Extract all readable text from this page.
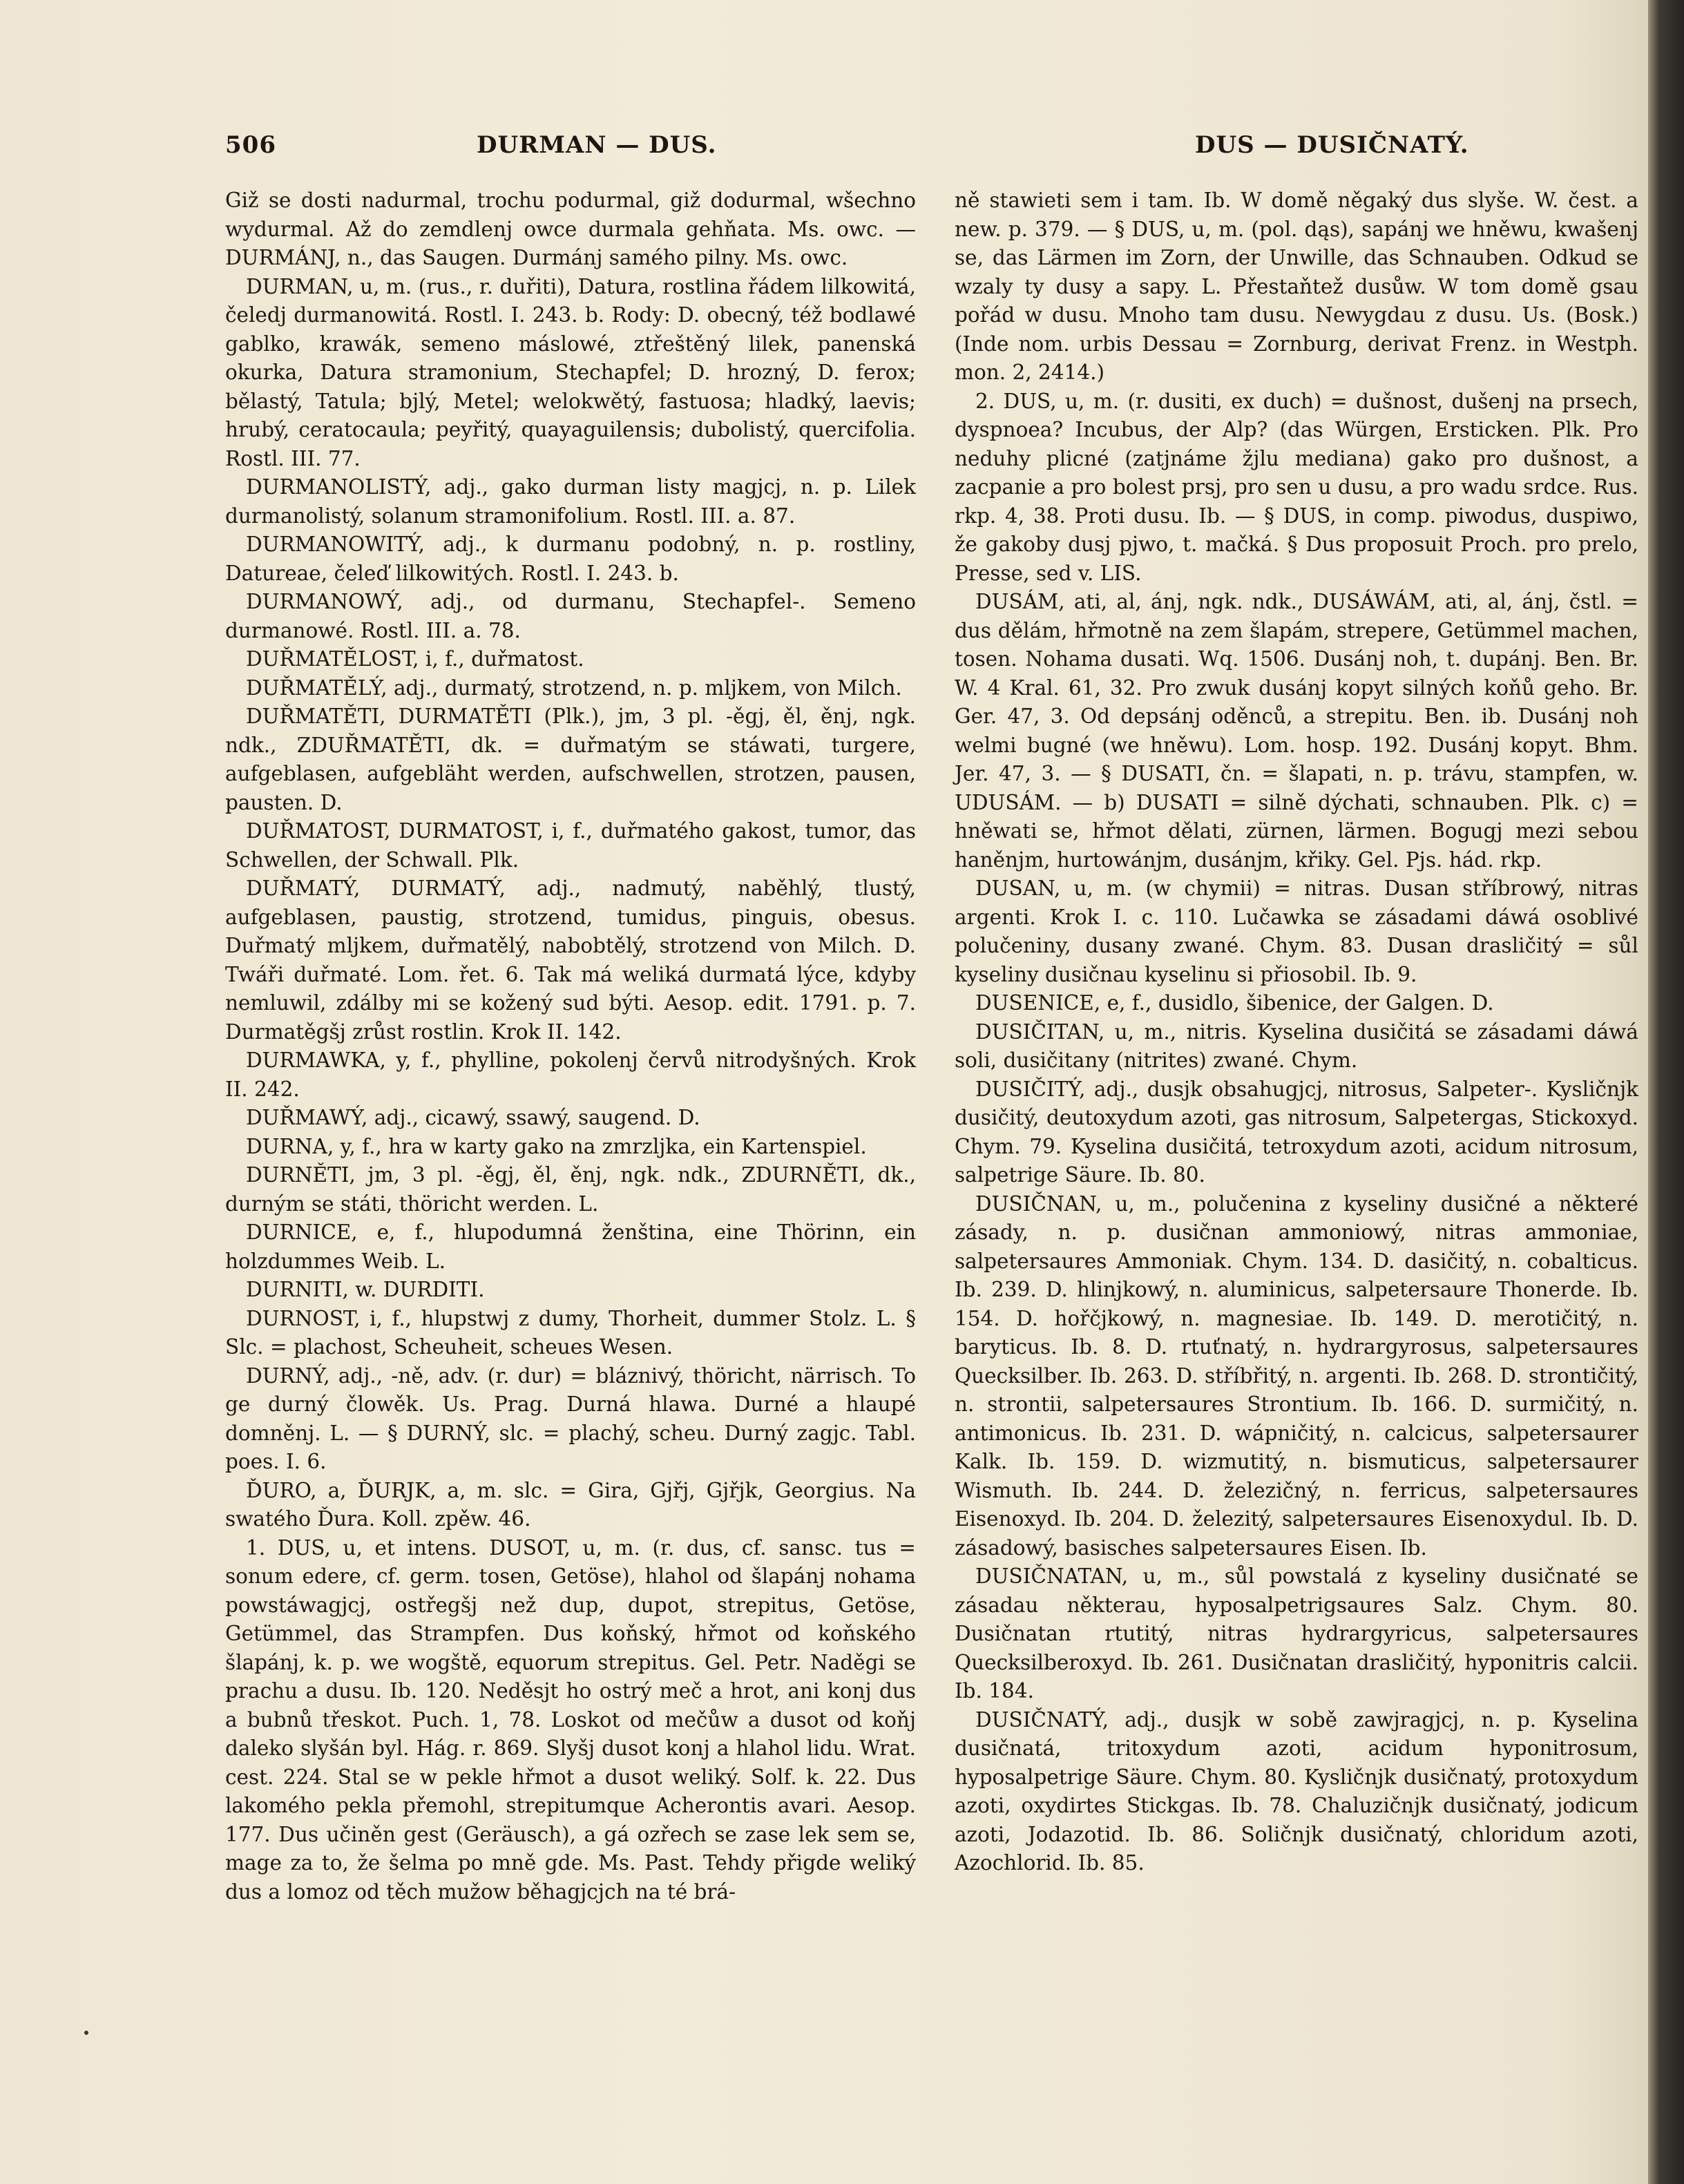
506	DURMAN — DUS.	DUS — DUSIČNATÝ.

Giž se dosti nadurmal, trochu podurmal, giž dodurmal, wšechno wydurmal. Až do zemdlenj owce durmala gehňata. Ms. owc. — DURMÁNJ, n., das Saugen. Durmánj samého pilny. Ms. owc.

DURMAN, u, m. (rus., r. duřiti), Datura, rostlina řádem lilkowitá, čeledj durmanowitá. Rostl. I. 243. b. Rody: D. obecný, též bodlawé gablko, krawák, semeno máslowé, ztřeštěný lilek, panenská okurka, Datura stramonium, Stechapfel; D. hrozný, D. ferox; bělastý, Tatula; bjlý, Metel; welokwětý, fastuosa; hladký, laevis; hrubý, ceratocaula; peyřitý, quayaguilensis; dubolistý, quercifolia. Rostl. III. 77.

DURMANOLISTÝ, adj., gako durman listy magjcj, n. p. Lilek durmanolistý, solanum stramonifolium. Rostl. III. a. 87.

DURMANOWITÝ, adj., k durmanu podobný, n. p. rostliny, Datureae, čeleď lilkowitých. Rostl. I. 243. b.

DURMANOWÝ, adj., od durmanu, Stechapfel-. Semeno durmanowé. Rostl. III. a. 78.

DUŘMATĚLOST, i, f., duřmatost.

DUŘMATĚLÝ, adj., durmatý, strotzend, n. p. mljkem, von Milch.

DUŘMATĚTI, DURMATĚTI (Plk.), jm, 3 pl. -ěgj, ěl, ěnj, ngk. ndk., ZDUŘMATĚTI, dk. = duřmatým se stáwati, turgere, aufgeblasen, aufgebläht werden, aufschwellen, strotzen, pausen, pausten. D.

DUŘMATOST, DURMATOST, i, f., duřmatého gakost, tumor, das Schwellen, der Schwall. Plk.

DUŘMATÝ, DURMATÝ, adj., nadmutý, naběhlý, tlustý, aufgeblasen, paustig, strotzend, tumidus, pinguis, obesus. Duřmatý mljkem, duřmatělý, nabobtělý, strotzend von Milch. D. Twáři duřmaté. Lom. řet. 6. Tak má weliká durmatá lýce, kdyby nemluwil, zdálby mi se kožený sud býti. Aesop. edit. 1791. p. 7. Durmatěgšj zrůst rostlin. Krok II. 142.

DURMAWKA, y, f., phylline, pokolenj červů nitrodyšných. Krok II. 242.

DUŘMAWÝ, adj., cicawý, ssawý, saugend. D.

DURNA, y, f., hra w karty gako na zmrzljka, ein Kartenspiel.

DURNĚTI, jm, 3 pl. -ěgj, ěl, ěnj, ngk. ndk., ZDURNĚTI, dk., durným se státi, thöricht werden. L.

DURNICE, e, f., hlupodumná ženština, eine Thörinn, ein holzdummes Weib. L.

DURNITI, w. DURDITI.

DURNOST, i, f., hlupstwj z dumy, Thorheit, dummer Stolz. L. § Slc. = plachost, Scheuheit, scheues Wesen.

DURNÝ, adj., -ně, adv. (r. dur) = bláznivý, thöricht, närrisch. To ge durný člowěk. Us. Prag. Durná hlawa. Durné a hlaupé domněnj. L. — § DURNÝ, slc. = plachý, scheu. Durný zagjc. Tabl. poes. I. 6.

ĎURO, a, ĎURJK, a, m. slc. = Gira, Gjřj, Gjřjk, Georgius. Na swatého Ďura. Koll. zpěw. 46.

1. DUS, u, et intens. DUSOT, u, m. (r. dus, cf. sansc. tus = sonum edere, cf. germ. tosen, Getöse), hlahol od šlapánj nohama powstáwagjcj, ostřegšj než dup, dupot, strepitus, Getöse, Getümmel, das Strampfen. Dus koňský, hřmot od koňského šlapánj, k. p. we wogště, equorum strepitus. Gel. Petr. Naděgi se prachu a dusu. Ib. 120. Neděsjt ho ostrý meč a hrot, ani konj dus a bubnů třeskot. Puch. 1, 78. Loskot od mečůw a dusot od koňj daleko slyšán byl. Hág. r. 869. Slyšj dusot konj a hlahol lidu. Wrat. cest. 224. Stal se w pekle hřmot a dusot weliký. Solf. k. 22. Dus lakomého pekla přemohl, strepitumque Acherontis avari. Aesop. 177. Dus učiněn gest (Geräusch), a gá ozřech se zase lek sem se, mage za to, že šelma po mně gde. Ms. Past. Tehdy přigde weliký dus a lomoz od těch mužow běhagjcjch na té brá-

ně stawieti sem i tam. Ib. W domě něgaký dus slyše. W. čest. a new. p. 379. — § DUS, u, m. (pol. dąs), sapánj we hněwu, kwašenj se, das Lärmen im Zorn, der Unwille, das Schnauben. Odkud se wzaly ty dusy a sapy. L. Přestaňtež dusůw. W tom domě gsau pořád w dusu. Mnoho tam dusu. Newygdau z dusu. Us. (Bosk.) (Inde nom. urbis Dessau = Zornburg, derivat Frenz. in Westph. mon. 2, 2414.)

2. DUS, u, m. (r. dusiti, ex duch) = dušnost, dušenj na prsech, dyspnoea? Incubus, der Alp? (das Würgen, Ersticken. Plk. Pro neduhy plicné (zatjnáme žjlu mediana) gako pro dušnost, a zacpanie a pro bolest prsj, pro sen u dusu, a pro wadu srdce. Rus. rkp. 4, 38. Proti dusu. Ib. — § DUS, in comp. piwodus, duspiwo, že gakoby dusj pjwo, t. mačká. § Dus proposuit Proch. pro prelo, Presse, sed v. LIS.

DUSÁM, ati, al, ánj, ngk. ndk., DUSÁWÁM, ati, al, ánj, čstl. = dus dělám, hřmotně na zem šlapám, strepere, Getümmel machen, tosen. Nohama dusati. Wq. 1506. Dusánj noh, t. dupánj. Ben. Br. W. 4 Kral. 61, 32. Pro zwuk dusánj kopyt silných koňů geho. Br. Ger. 47, 3. Od depsánj oděnců, a strepitu. Ben. ib. Dusánj noh welmi bugné (we hněwu). Lom. hosp. 192. Dusánj kopyt. Bhm. Jer. 47, 3. — § DUSATI, čn. = šlapati, n. p. trávu, stampfen, w. UDUSÁM. — b) DUSATI = silně dýchati, schnauben. Plk. c) = hněwati se, hřmot dělati, zürnen, lärmen. Bogugj mezi sebou haněnjm, hurtowánjm, dusánjm, křiky. Gel. Pjs. hád. rkp.

DUSAN, u, m. (w chymii) = nitras. Dusan stříbrowý, nitras argenti. Krok I. c. 110. Lučawka se zásadami dáwá osoblivé polučeniny, dusany zwané. Chym. 83. Dusan drasličitý = sůl kyseliny dusičnau kyselinu si přiosobil. Ib. 9.

DUSENICE, e, f., dusidlo, šibenice, der Galgen. D.

DUSIČITAN, u, m., nitris. Kyselina dusičitá se zásadami dáwá soli, dusičitany (nitrites) zwané. Chym.

DUSIČITÝ, adj., dusjk obsahugjcj, nitrosus, Salpeter-. Kysličnjk dusičitý, deutoxydum azoti, gas nitrosum, Salpetergas, Stickoxyd. Chym. 79. Kyselina dusičitá, tetroxydum azoti, acidum nitrosum, salpetrige Säure. Ib. 80.

DUSIČNAN, u, m., polučenina z kyseliny dusičné a některé zásady, n. p. dusičnan ammoniowý, nitras ammoniae, salpetersaures Ammoniak. Chym. 134. D. dasičitý, n. cobalticus. Ib. 239. D. hlinjkowý, n. aluminicus, salpetersaure Thonerde. Ib. 154. D. hořčjkowý, n. magnesiae. Ib. 149. D. merotičitý, n. baryticus. Ib. 8. D. rtuťnatý, n. hydrargyrosus, salpetersaures Quecksilber. Ib. 263. D. stříbřitý, n. argenti. Ib. 268. D. strontičitý, n. strontii, salpetersaures Strontium. Ib. 166. D. surmičitý, n. antimonicus. Ib. 231. D. wápničitý, n. calcicus, salpetersaurer Kalk. Ib. 159. D. wizmutitý, n. bismuticus, salpetersaurer Wismuth. Ib. 244. D. železičný, n. ferricus, salpetersaures Eisenoxyd. Ib. 204. D. železitý, salpetersaures Eisenoxydul. Ib. D. zásadowý, basisches salpetersaures Eisen. Ib.

DUSIČNATAN, u, m., sůl powstalá z kyseliny dusičnaté se zásadau některau, hyposalpetrigsaures Salz. Chym. 80. Dusičnatan rtutitý, nitras hydrargyricus, salpetersaures Quecksilberoxyd. Ib. 261. Dusičnatan drasličitý, hyponitris calcii. Ib. 184.

DUSIČNATÝ, adj., dusjk w sobě zawjragjcj, n. p. Kyselina dusičnatá, tritoxydum azoti, acidum hyponitrosum, hyposalpetrige Säure. Chym. 80. Kysličnjk dusičnatý, protoxydum azoti, oxydirtes Stickgas. Ib. 78. Chaluzičnjk dusičnatý, jodicum azoti, Jodazotid. Ib. 86. Soličnjk dusičnatý, chloridum azoti, Azochlorid. Ib. 85.
